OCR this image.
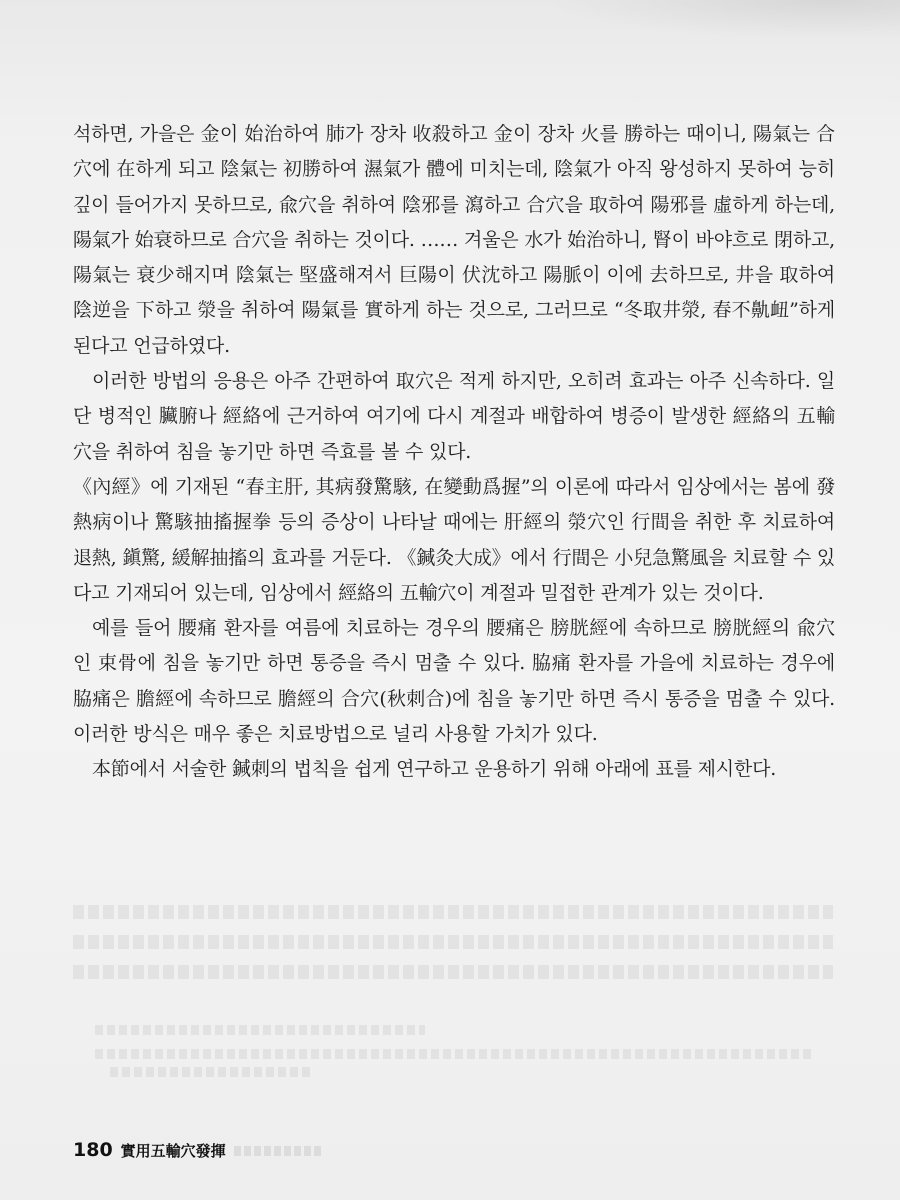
석하면, 가을은 金이 始治하여 肺가 장차 收殺하고 金이 장차 火를 勝하는 때이니, 陽氣는 合穴에 在하게 되고 陰氣는 初勝하여 濕氣가 體에 미치는데, 陰氣가 아직 왕성하지 못하여 능히 깊이 들어가지 못하므로, 兪穴을 취하여 陰邪를 瀉하고 合穴을 取하여 陽邪를 虛하게 하는데, 陽氣가 始衰하므로 合穴을 취하는 것이다. …… 겨울은 水가 始治하니, 腎이 바야흐로 閉하고, 陽氣는 衰少해지며 陰氣는 堅盛해져서 巨陽이 伏沈하고 陽脈이 이에 去하므로, 井을 取하여 陰逆을 下하고 滎을 취하여 陽氣를 實하게 하는 것으로, 그러므로 “冬取井滎, 春不鼽衄”하게 된다고 언급하였다.

이러한 방법의 응용은 아주 간편하여 取穴은 적게 하지만, 오히려 효과는 아주 신속하다. 일단 병적인 臟腑나 經絡에 근거하여 여기에 다시 계절과 배합하여 병증이 발생한 經絡의 五輸穴을 취하여 침을 놓기만 하면 즉효를 볼 수 있다.

《內經》에 기재된 “春主肝, 其病發驚駭, 在變動爲握”의 이론에 따라서 임상에서는 봄에 發熱病이나 驚駭抽搐握拳 등의 증상이 나타날 때에는 肝經의 滎穴인 行間을 취한 후 치료하여 退熱, 鎭驚, 緩解抽搐의 효과를 거둔다. 《鍼灸大成》에서 行間은 小兒急驚風을 치료할 수 있다고 기재되어 있는데, 임상에서 經絡의 五輸穴이 계절과 밀접한 관계가 있는 것이다.

예를 들어 腰痛 환자를 여름에 치료하는 경우의 腰痛은 膀胱經에 속하므로 膀胱經의 兪穴인 束骨에 침을 놓기만 하면 통증을 즉시 멈출 수 있다. 脇痛 환자를 가을에 치료하는 경우에 脇痛은 膽經에 속하므로 膽經의 合穴(秋刺合)에 침을 놓기만 하면 즉시 통증을 멈출 수 있다. 이러한 방식은 매우 좋은 치료방법으로 널리 사용할 가치가 있다.

本節에서 서술한 鍼刺의 법칙을 쉽게 연구하고 운용하기 위해 아래에 표를 제시한다.

180 實用五輸穴發揮
